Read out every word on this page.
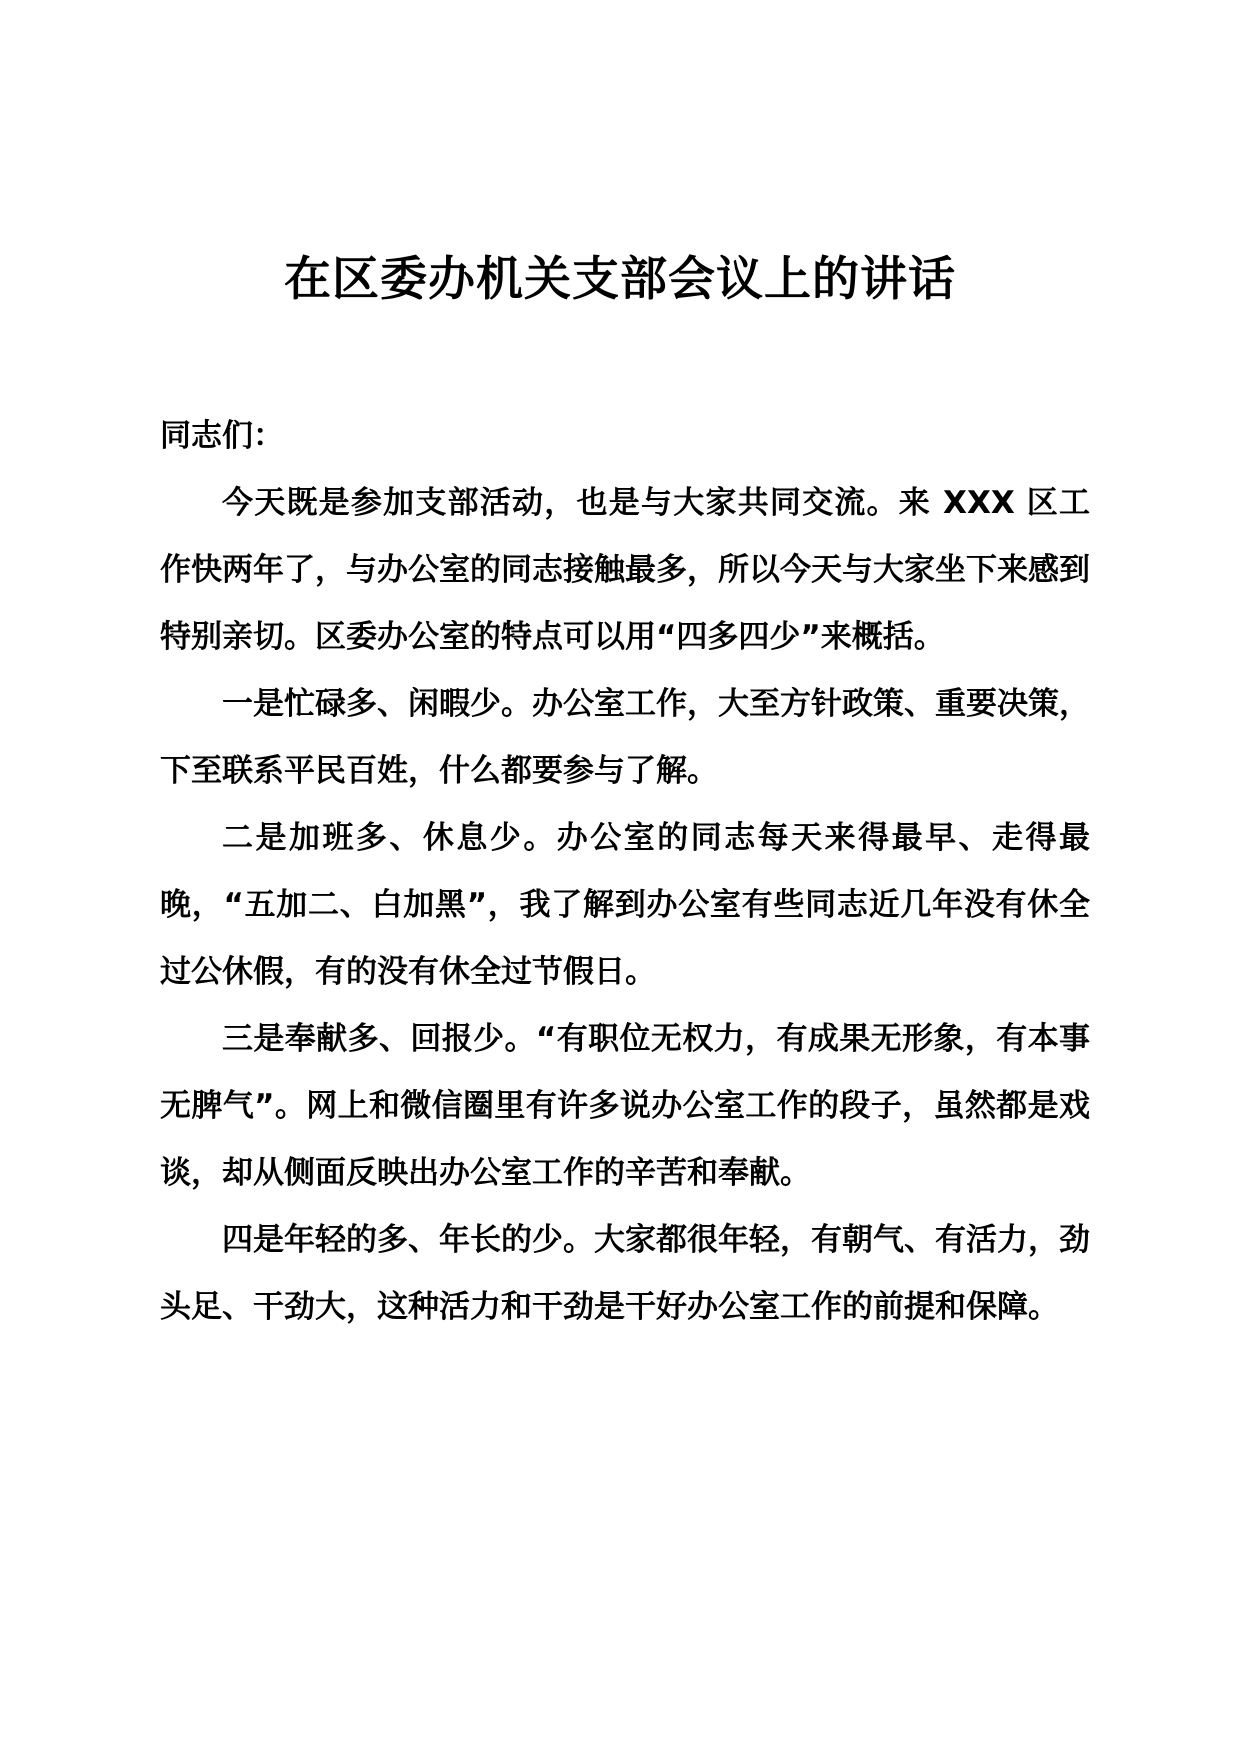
在区委办机关支部会议上的讲话

同志们：

今天既是参加支部活动，也是与大家共同交流。来 XXX 区工作快两年了，与办公室的同志接触最多，所以今天与大家坐下来感到特别亲切。区委办公室的特点可以用“四多四少”来概括。

一是忙碌多、闲暇少。办公室工作，大至方针政策、重要决策，下至联系平民百姓，什么都要参与了解。

二是加班多、休息少。办公室的同志每天来得最早、走得最晚，“五加二、白加黑”，我了解到办公室有些同志近几年没有休全过公休假，有的没有休全过节假日。

三是奉献多、回报少。“有职位无权力，有成果无形象，有本事无脾气”。网上和微信圈里有许多说办公室工作的段子，虽然都是戏谈，却从侧面反映出办公室工作的辛苦和奉献。

四是年轻的多、年长的少。大家都很年轻，有朝气、有活力，劲头足、干劲大，这种活力和干劲是干好办公室工作的前提和保障。
